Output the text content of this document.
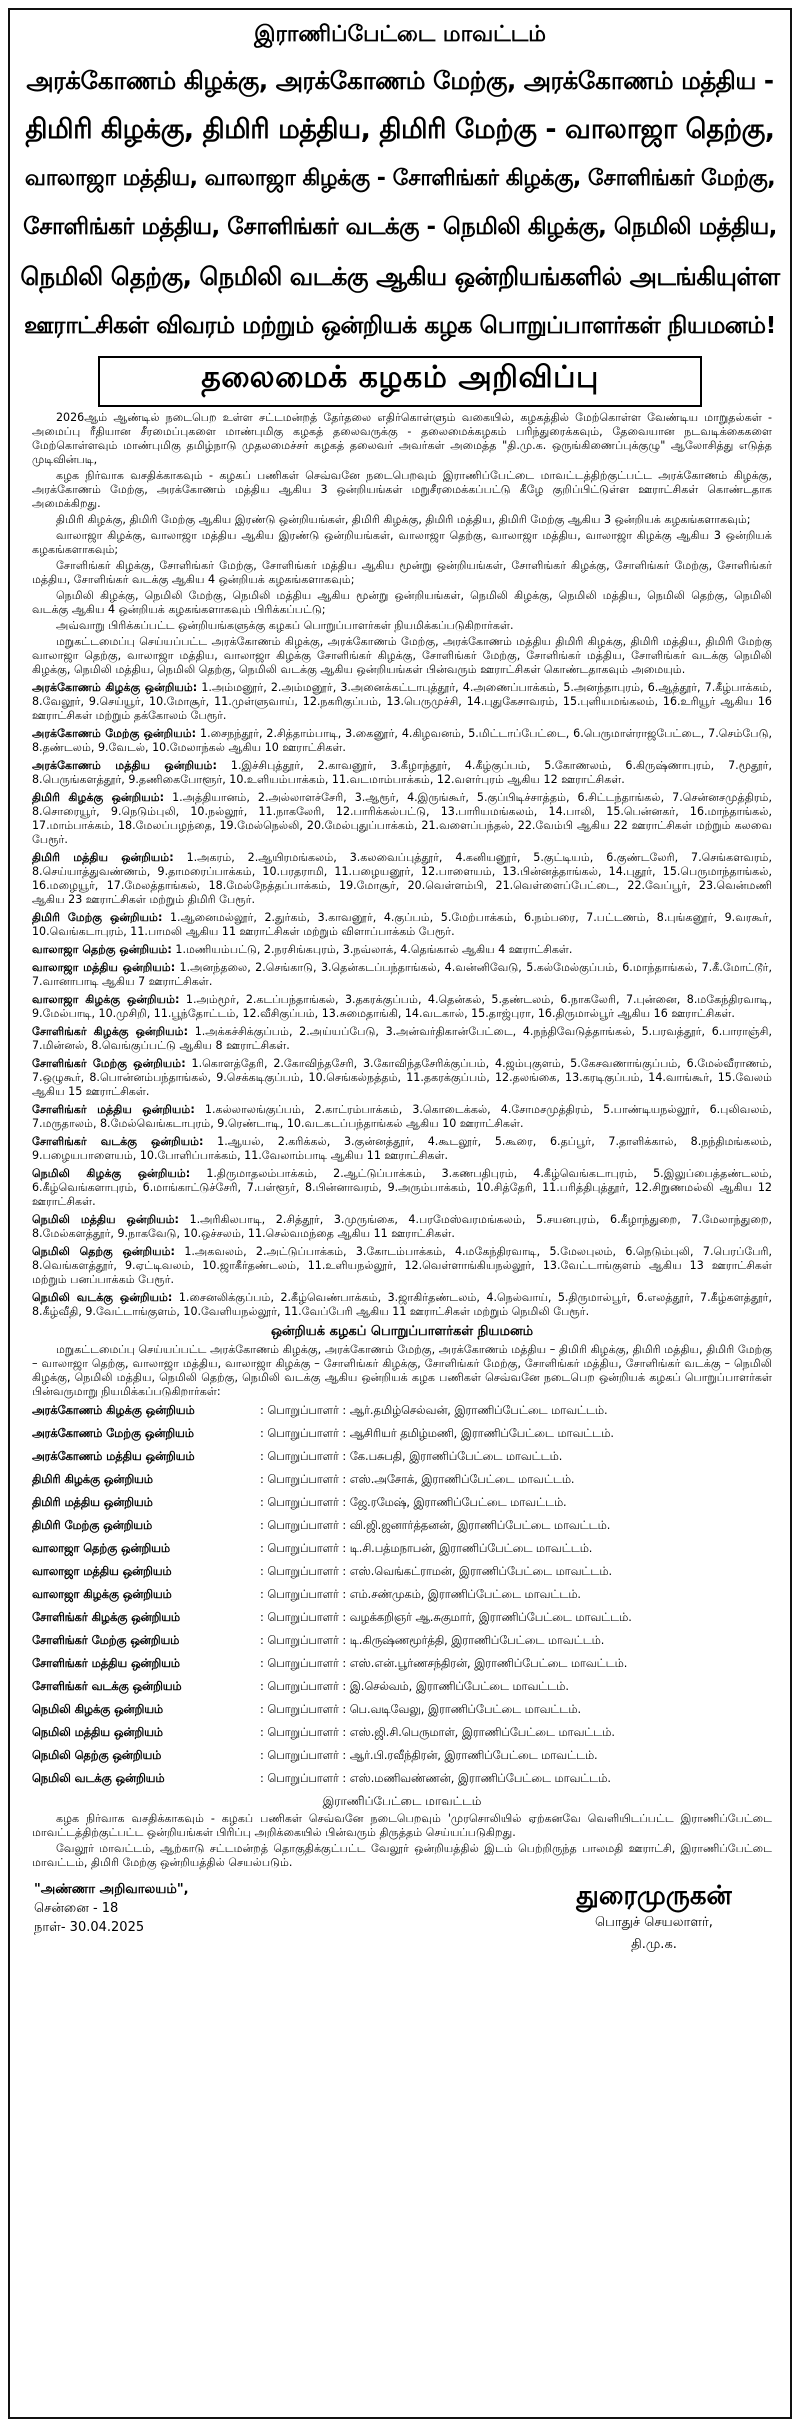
இராணிப்பேட்டை மாவட்டம்
அரக்கோணம் கிழக்கு, அரக்கோணம் மேற்கு, அரக்கோணம் மத்திய -
திமிரி கிழக்கு, திமிரி மத்திய, திமிரி மேற்கு - வாலாஜா தெற்கு,
வாலாஜா மத்திய, வாலாஜா கிழக்கு - சோளிங்கர் கிழக்கு, சோளிங்கர் மேற்கு,
சோளிங்கர் மத்திய, சோளிங்கர் வடக்கு - நெமிலி கிழக்கு, நெமிலி மத்திய,
நெமிலி தெற்கு, நெமிலி வடக்கு ஆகிய ஒன்றியங்களில் அடங்கியுள்ள
ஊராட்சிகள் விவரம் மற்றும் ஒன்றியக் கழக பொறுப்பாளர்கள் நியமனம்!
தலைமைக் கழகம் அறிவிப்பு

2026ஆம் ஆண்டில் நடைபெற உள்ள சட்டமன்றத் தேர்தலை எதிர்கொள்ளும் வகையில், கழகத்தில் மேற்கொள்ள வேண்டிய மாறுதல்கள் - அமைப்பு ரீதியான சீரமைப்புகளை மாண்புமிகு கழகத் தலைவருக்கு - தலைமைக்கழகம் பரிந்துரைக்கவும், தேவையான நடவடிக்கைகளை மேற்கொள்ளவும் மாண்புமிகு தமிழ்நாடு முதலமைச்சர் கழகத் தலைவர் அவர்கள் அமைத்த "தி.மு.க. ஒருங்கிணைப்புக்குழு" ஆலோசித்து எடுத்த முடிவின்படி,

கழக நிர்வாக வசதிக்காகவும் - கழகப் பணிகள் செவ்வனே நடைபெறவும் இராணிப்பேட்டை மாவட்டத்திற்குட்பட்ட அரக்கோணம் கிழக்கு, அரக்கோணம் மேற்கு, அரக்கோணம் மத்திய ஆகிய 3 ஒன்றியங்கள் மறுசீரமைக்கப்பட்டு கீழே குறிப்பிட்டுள்ள ஊராட்சிகள் கொண்டதாக அமைக்கிறது.

திமிரி கிழக்கு, திமிரி மேற்கு ஆகிய இரண்டு ஒன்றியங்கள், திமிரி கிழக்கு, திமிரி மத்திய, திமிரி மேற்கு ஆகிய 3 ஒன்றியக் கழகங்களாகவும்;

வாலாஜா கிழக்கு, வாலாஜா மத்திய ஆகிய இரண்டு ஒன்றியங்கள், வாலாஜா தெற்கு, வாலாஜா மத்திய, வாலாஜா கிழக்கு ஆகிய 3 ஒன்றியக் கழகங்களாகவும்;

சோளிங்கர் கிழக்கு, சோளிங்கர் மேற்கு, சோளிங்கர் மத்திய ஆகிய மூன்று ஒன்றியங்கள், சோளிங்கர் கிழக்கு, சோளிங்கர் மேற்கு, சோளிங்கர் மத்திய, சோளிங்கர் வடக்கு ஆகிய 4 ஒன்றியக் கழகங்களாகவும்;

நெமிலி கிழக்கு, நெமிலி மேற்கு, நெமிலி மத்திய ஆகிய மூன்று ஒன்றியங்கள், நெமிலி கிழக்கு, நெமிலி மத்திய, நெமிலி தெற்கு, நெமிலி வடக்கு ஆகிய 4 ஒன்றியக் கழகங்களாகவும் பிரிக்கப்பட்டு;

அவ்வாறு பிரிக்கப்பட்ட ஒன்றியங்களுக்கு கழகப் பொறுப்பாளர்கள் நியமிக்கப்படுகிறார்கள்.

மறுகட்டமைப்பு செய்யப்பட்ட அரக்கோணம் கிழக்கு, அரக்கோணம் மேற்கு, அரக்கோணம் மத்திய திமிரி கிழக்கு, திமிரி மத்திய, திமிரி மேற்கு வாலாஜா தெற்கு, வாலாஜா மத்திய, வாலாஜா கிழக்கு சோளிங்கர் கிழக்கு, சோளிங்கர் மேற்கு, சோளிங்கர் மத்திய, சோளிங்கர் வடக்கு நெமிலி கிழக்கு, நெமிலி மத்திய, நெமிலி தெற்கு, நெமிலி வடக்கு ஆகிய ஒன்றியங்கள் பின்வரும் ஊராட்சிகள் கொண்டதாகவும் அமையும்.

அரக்கோணம் கிழக்கு ஒன்றியம்: 1.அம்மனூர், 2.அம்மனூர், 3.அனைக்கட்டாபுத்தூர், 4.அணைப்பாக்கம், 5.அனந்தாபுரம், 6.ஆத்தூர், 7.கீழ்பாக்கம், 8.வேலூர், 9.செய்யூர், 10.மோசூர், 11.முள்ளுவாய், 12.நகரிகுப்பம், 13.பெருமுச்சி, 14.புதுகேசாவரம், 15.புளியமங்கலம், 16.உரியூர் ஆகிய 16 ஊராட்சிகள் மற்றும் தக்கோலம் பேரூர்.
அரக்கோணம் மேற்கு ஒன்றியம்: 1.சைநந்தூர், 2.சித்தாம்பாடி, 3.கைனூர், 4.கிழவனம், 5.மிட்டாப்பேட்டை, 6.பெருமாள்ராஜபேட்டை, 7.செம்பேடு, 8.தண்டலம், 9.வேடல், 10.மேலாந்கல் ஆகிய 10 ஊராட்சிகள்.
அரக்கோணம் மத்திய ஒன்றியம்: 1.இச்சிபுத்தூர், 2.காவனூர், 3.கீழாந்தூர், 4.கீழ்குப்பம், 5.கோணலம், 6.கிருஷ்ணாபுரம், 7.மூதூர், 8.பெருங்களத்தூர், 9.தணிகைபோளூர், 10.உளியம்பாக்கம், 11.வடமாம்பாக்கம், 12.வளர்புரம் ஆகிய 12 ஊராட்சிகள்.
திமிரி கிழக்கு ஒன்றியம்: 1.அத்தியானம், 2.அல்லாளச்சேரி, 3.ஆரூர், 4.இருங்கூர், 5.குப்பிடிச்சாத்தம், 6.சிட்டந்தாங்கல், 7.சென்னசமுத்திரம், 8.சொரையூர், 9.நெடும்புலி, 10.நல்லூர், 11.நாகலேரி, 12.பாரிக்கல்பட்டு, 13.பாரியமங்கலம், 14.பாலி, 15.பென்னகர், 16.மாந்தாங்கல், 17.மாம்பாக்கம், 18.மேலப்பழந்தை, 19.மேல்நெல்லி, 20.மேல்புதுப்பாக்கம், 21.வளைப்பந்தல், 22.வேம்பி ஆகிய 22 ஊராட்சிகள் மற்றும் கலவை பேரூர்.
திமிரி மத்திய ஒன்றியம்: 1.அகரம், 2.ஆயிரமங்கலம், 3.கலவைப்புத்தூர், 4.கனியனூர், 5.குட்டியம், 6.குண்டலேரி, 7.செங்களவரம், 8.செய்யாத்துவண்ணம், 9.தாமரைப்பாக்கம், 10.பரதராமி, 11.பழையனூர், 12.பாளையம், 13.பின்னத்தாங்கல், 14.புதூர், 15.பெருமாந்தாங்கல், 16.மழையூர், 17.மேலத்தாங்கல், 18.மேல்நேத்தப்பாக்கம், 19.மோசூர், 20.வெள்ளம்பி, 21.வெள்ளைப்பேட்டை, 22.வேப்பூர், 23.வென்மணி ஆகிய 23 ஊராட்சிகள் மற்றும் திமிரி பேரூர்.
திமிரி மேற்கு ஒன்றியம்: 1.ஆனைமல்லூர், 2.துர்கம், 3.காவனூர், 4.குப்பம், 5.மேற்பாக்கம், 6.நம்பரை, 7.பட்டணம், 8.புங்கனூர், 9.வரகூர், 10.வெங்கடாபுரம், 11.பாமலி ஆகிய 11 ஊராட்சிகள் மற்றும் விளாப்பாக்கம் பேரூர்.
வாலாஜா தெற்கு ஒன்றியம்: 1.மணியம்பட்டு, 2.நரசிங்கபுரம், 3.நவ்லாக், 4.தெங்கால் ஆகிய 4 ஊராட்சிகள்.
வாலாஜா மத்திய ஒன்றியம்: 1.அனந்தலை, 2.செங்காடு, 3.தென்கடப்பந்தாங்கல், 4.வன்னிவேடு, 5.கல்மேல்குப்பம், 6.மாந்தாங்கல், 7.கீ.மோட்டூர், 7.வானாபாடி ஆகிய 7 ஊராட்சிகள்.
வாலாஜா கிழக்கு ஒன்றியம்: 1.அம்மூர், 2.கடப்பந்தாங்கல், 3.தகரக்குப்பம், 4.தென்கல், 5.தண்டலம், 6.நாகலேரி, 7.புன்னை, 8.மகேந்திரவாடி, 9.மேல்பாடி, 10.முசிறி, 11.பூந்தோட்டம், 12.வீசிகுப்பம், 13.சுமைதாங்கி, 14.வடகால், 15.தாஜ்புரா, 16.திருமால்பூர் ஆகிய 16 ஊராட்சிகள்.
சோளிங்கர் கிழக்கு ஒன்றியம்: 1.அக்கச்சிக்குப்பம், 2.அய்யப்பேடு, 3.அன்வர்திகான்பேட்டை, 4.நந்திவேடுத்தாங்கல், 5.பரவத்தூர், 6.பாராஞ்சி, 7.மின்னல், 8.வெங்குப்பட்டு ஆகிய 8 ஊராட்சிகள்.
சோளிங்கர் மேற்கு ஒன்றியம்: 1.கொளத்தேரி, 2.கோவிந்தசேரி, 3.கோவிந்தசேரிக்குப்பம், 4.ஜம்புகுளம், 5.கேசவணாங்குப்பம், 6.மேல்வீராணம், 7.ஒழுகூர், 8.பொன்னம்பந்தாங்கல், 9.செக்கடிகுப்பம், 10.செங்கல்நத்தம், 11.தகரக்குப்பம், 12.தலங்கை, 13.கரடிகுப்பம், 14.வாங்கூர், 15.வேலம் ஆகிய 15 ஊராட்சிகள்.
சோளிங்கர் மத்திய ஒன்றியம்: 1.கல்லாலங்குப்பம், 2.காட்ரம்பாக்கம், 3.கொடைக்கல், 4.சோமசமுத்திரம், 5.பாண்டியநல்லூர், 6.புலிவலம், 7.மருதாலம், 8.மேல்வெங்கடாபுரம், 9.ரெண்டாடி, 10.வடகடப்பந்தாங்கல் ஆகிய 10 ஊராட்சிகள்.
சோளிங்கர் வடக்கு ஒன்றியம்: 1.ஆயல், 2.கரிக்கல், 3.குன்னத்தூர், 4.கூடலூர், 5.கூரை, 6.தப்பூர், 7.தாளிக்கால், 8.நந்திமங்கலம், 9.பழையபாளையம், 10.போளிப்பாக்கம், 11.வேலாம்பாடி ஆகிய 11 ஊராட்சிகள்.
நெமிலி கிழக்கு ஒன்றியம்: 1.திருமாதலம்பாக்கம், 2.ஆட்டுப்பாக்கம், 3.கணபதிபுரம், 4.கீழ்வெங்கடாபுரம், 5.இலுப்பைத்தண்டலம், 6.கீழ்வெங்களாபுரம், 6.மாங்காட்டுச்சேரி, 7.பள்ளூர், 8.பின்னாவரம், 9.அரும்பாக்கம், 10.சித்தேரி, 11.பரித்திபுத்தூர், 12.சிறுணமல்லி ஆகிய 12 ஊராட்சிகள்.
நெமிலி மத்திய ஒன்றியம்: 1.அரிகிலபாடி, 2.சித்தூர், 3.முருங்கை, 4.பரமேஸ்வரமங்கலம், 5.சயனபுரம், 6.கீழாந்துறை, 7.மேலாந்துறை, 8.மேல்களத்தூர், 9.நாகவேடு, 10.ஒச்சலம், 11.செல்வமந்தை ஆகிய 11 ஊராட்சிகள்.
நெமிலி தெற்கு ஒன்றியம்: 1.அகவலம், 2.அட்டுப்பாக்கம், 3.கோடம்பாக்கம், 4.மகேந்திரவாடி, 5.மேலபுலம், 6.நெடும்புலி, 7.பெரப்பேரி, 8.வெங்களத்தூர், 9.ஏட்டிவலம், 10.ஜாகீர்தண்டலம், 11.உளியநல்லூர், 12.வெள்ளாங்கியநல்லூர், 13.வேட்டாங்குளம் ஆகிய 13 ஊராட்சிகள் மற்றும் பனப்பாக்கம் பேரூர்.
நெமிலி வடக்கு ஒன்றியம்: 1.சைனலிக்குப்பம், 2.கீழ்வெண்பாக்கம், 3.ஜாகிர்தண்டலம், 4.நெல்வாய், 5.திருமால்பூர், 6.எலத்தூர், 7.கீழ்களத்தூர், 8.கீழ்வீதி, 9.வேட்டாங்குளம், 10.வேளியநல்லூர், 11.வேப்பேரி ஆகிய 11 ஊராட்சிகள் மற்றும் நெமிலி பேரூர்.
ஒன்றியக் கழகப் பொறுப்பாளர்கள் நியமனம்

மறுகட்டமைப்பு செய்யப்பட்ட அரக்கோணம் கிழக்கு, அரக்கோணம் மேற்கு, அரக்கோணம் மத்திய – திமிரி கிழக்கு, திமிரி மத்திய, திமிரி மேற்கு – வாலாஜா தெற்கு, வாலாஜா மத்திய, வாலாஜா கிழக்கு – சோளிங்கர் கிழக்கு, சோளிங்கர் மேற்கு, சோளிங்கர் மத்திய, சோளிங்கர் வடக்கு – நெமிலி கிழக்கு, நெமிலி மத்திய, நெமிலி தெற்கு, நெமிலி வடக்கு ஆகிய ஒன்றியக் கழக பணிகள் செவ்வனே நடைபெற ஒன்றியக் கழகப் பொறுப்பாளர்கள் பின்வருமாறு நியமிக்கப்படுகிறார்கள்:

அரக்கோணம் கிழக்கு ஒன்றியம்	: பொறுப்பாளர் : ஆர்.தமிழ்செல்வன், இராணிப்பேட்டை மாவட்டம்.
அரக்கோணம் மேற்கு ஒன்றியம்	: பொறுப்பாளர் : ஆசிரியர் தமிழ்மணி, இராணிப்பேட்டை மாவட்டம்.
அரக்கோணம் மத்திய ஒன்றியம்	: பொறுப்பாளர் : கே.பசுபதி, இராணிப்பேட்டை மாவட்டம்.
திமிரி கிழக்கு ஒன்றியம்	: பொறுப்பாளர் : எஸ்.அசோக், இராணிப்பேட்டை மாவட்டம்.
திமிரி மத்திய ஒன்றியம்	: பொறுப்பாளர் : ஜே.ரமேஷ், இராணிப்பேட்டை மாவட்டம்.
திமிரி மேற்கு ஒன்றியம்	: பொறுப்பாளர் : வி.ஜி.ஜனார்த்தனன், இராணிப்பேட்டை மாவட்டம்.
வாலாஜா தெற்கு ஒன்றியம்	: பொறுப்பாளர் : டி.சி.பத்மநாபன், இராணிப்பேட்டை மாவட்டம்.
வாலாஜா மத்திய ஒன்றியம்	: பொறுப்பாளர் : எஸ்.வெங்கட்ராமன், இராணிப்பேட்டை மாவட்டம்.
வாலாஜா கிழக்கு ஒன்றியம்	: பொறுப்பாளர் : எம்.சண்முகம், இராணிப்பேட்டை மாவட்டம்.
சோளிங்கர் கிழக்கு ஒன்றியம்	: பொறுப்பாளர் : வழக்கறிஞர் ஆ.சுகுமார், இராணிப்பேட்டை மாவட்டம்.
சோளிங்கர் மேற்கு ஒன்றியம்	: பொறுப்பாளர் : டி.கிருஷ்ணமூர்த்தி, இராணிப்பேட்டை மாவட்டம்.
சோளிங்கர் மத்திய ஒன்றியம்	: பொறுப்பாளர் : எஸ்.என்.பூர்ணசந்திரன், இராணிப்பேட்டை மாவட்டம்.
சோளிங்கர் வடக்கு ஒன்றியம்	: பொறுப்பாளர் : இ.செல்வம், இராணிப்பேட்டை மாவட்டம்.
நெமிலி கிழக்கு ஒன்றியம்	: பொறுப்பாளர் : பெ.வடிவேலு, இராணிப்பேட்டை மாவட்டம்.
நெமிலி மத்திய ஒன்றியம்	: பொறுப்பாளர் : எஸ்.ஜி.சி.பெருமாள், இராணிப்பேட்டை மாவட்டம்.
நெமிலி தெற்கு ஒன்றியம்	: பொறுப்பாளர் : ஆர்.பி.ரவீந்திரன், இராணிப்பேட்டை மாவட்டம்.
நெமிலி வடக்கு ஒன்றியம்	: பொறுப்பாளர் : எஸ்.மணிவண்ணன், இராணிப்பேட்டை மாவட்டம்.
இராணிப்பேட்டை மாவட்டம்

கழக நிர்வாக வசதிக்காகவும் - கழகப் பணிகள் செவ்வனே நடைபெறவும் 'முரசொலியில் ஏற்கனவே வெளியிடப்பட்ட இராணிப்பேட்டை மாவட்டத்திற்குட்பட்ட ஒன்றியங்கள் பிரிப்பு அறிக்கையில் பின்வரும் திருத்தம் செய்யப்படுகிறது.

வேலூர் மாவட்டம், ஆற்காடு சட்டமன்றத் தொகுதிக்குட்பட்ட வேலூர் ஒன்றியத்தில் இடம் பெற்றிருந்த பாலமதி ஊராட்சி, இராணிப்பேட்டை மாவட்டம், திமிரி மேற்கு ஒன்றியத்தில் செயல்படும்.

"அண்ணா அறிவாலயம்",
சென்னை - 18
நாள்- 30.04.2025
துரைமுருகன்
பொதுச் செயலாளர்,
தி.மு.க.
